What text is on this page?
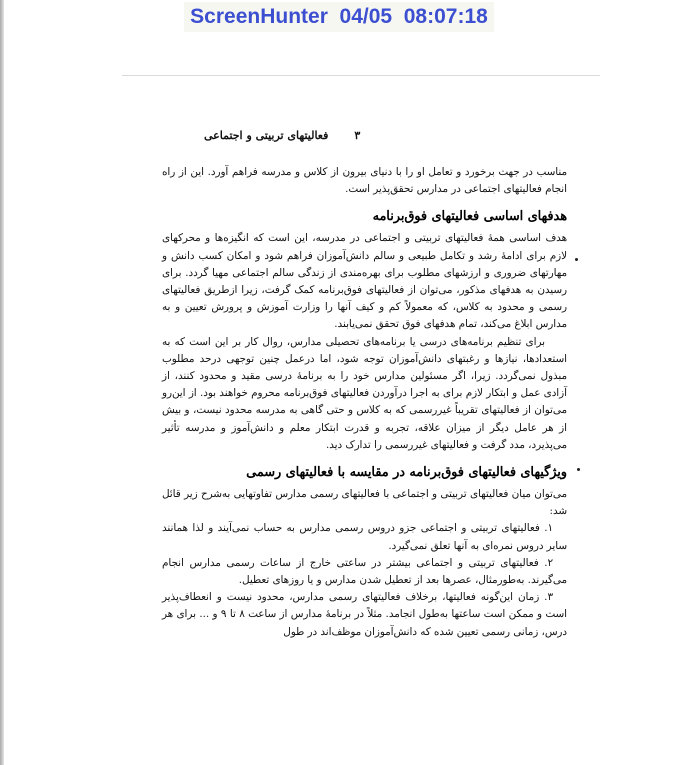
ScreenHunter  04/05  08:07:18
فعالیتهای تربیتی و اجتماعی ۳

مناسب در جهت برخورد و تعامل او را با دنیای بیرون از کلاس و مدرسه فراهم آورد. این از راه انجام فعالیتهای اجتماعی در مدارس تحقق‌پذیر است.

هدفهای اساسی فعالیتهای فوق‌برنامه

هدف اساسی همهٔ فعالیتهای تربیتی و اجتماعی در مدرسه، این است که انگیزه‌ها و محرکهای لازم برای ادامهٔ رشد و تکامل طبیعی و سالم دانش‌آموزان فراهم شود و امکان کسب دانش و مهارتهای ضروری و ارزشهای مطلوب برای بهره‌مندی از زندگی سالم اجتماعی مهیا گردد. برای رسیدن به هدفهای مذکور، می‌توان از فعالیتهای فوق‌برنامه کمک گرفت، زیرا ازطریق فعالیتهای رسمی و محدود به کلاس، که معمولاً کم و کیف آنها را وزارت آموزش و پرورش تعیین و به مدارس ابلاغ می‌کند، تمام هدفهای فوق تحقق نمی‌یابند.

برای تنظیم برنامه‌های درسی یا برنامه‌های تحصیلی مدارس، روال کار بر این است که به استعدادها، نیازها و رغبتهای دانش‌آموزان توجه شود، اما درعمل چنین توجهی درحد مطلوب مبذول نمی‌گردد. زیرا، اگر مسئولین مدارس خود را به برنامهٔ درسی مقید و محدود کنند، از آزادی عمل و ابتکار لازم برای به اجرا درآوردن فعالیتهای فوق‌برنامه محروم خواهند بود. از این‌رو می‌توان از فعالیتهای تقریباً غیررسمی که به کلاس و حتی گاهی به مدرسه محدود نیست، و بیش از هر عامل دیگر از میزان علاقه، تجربه و قدرت ابتکار معلم و دانش‌آموز و مدرسه تأثیر می‌پذیرد، مدد گرفت و فعالیتهای غیررسمی را تدارک دید.

ویژگیهای فعالیتهای فوق‌برنامه در مقایسه با فعالیتهای رسمی

می‌توان میان فعالیتهای تربیتی و اجتماعی با فعالیتهای رسمی مدارس تفاوتهایی به‌شرح زیر قائل شد:

۱. فعالیتهای تربیتی و اجتماعی جزو دروس رسمی مدارس به حساب نمی‌آیند و لذا همانند سایر دروس نمره‌ای به آنها تعلق نمی‌گیرد.

۲. فعالیتهای تربیتی و اجتماعی بیشتر در ساعتی خارج از ساعات رسمی مدارس انجام می‌گیرند. به‌طورمثال، عصرها بعد از تعطیل شدن مدارس و یا روزهای تعطیل.

۳. زمان این‌گونه فعالیتها، برخلاف فعالیتهای رسمی مدارس، محدود نیست و انعطاف‌پذیر است و ممکن است ساعتها به‌طول انجامد. مثلاً در برنامهٔ مدارس از ساعت ۸ تا ۹ و ... برای هر درس، زمانی رسمی تعیین شده که دانش‌آموزان موظف‌اند در طول
